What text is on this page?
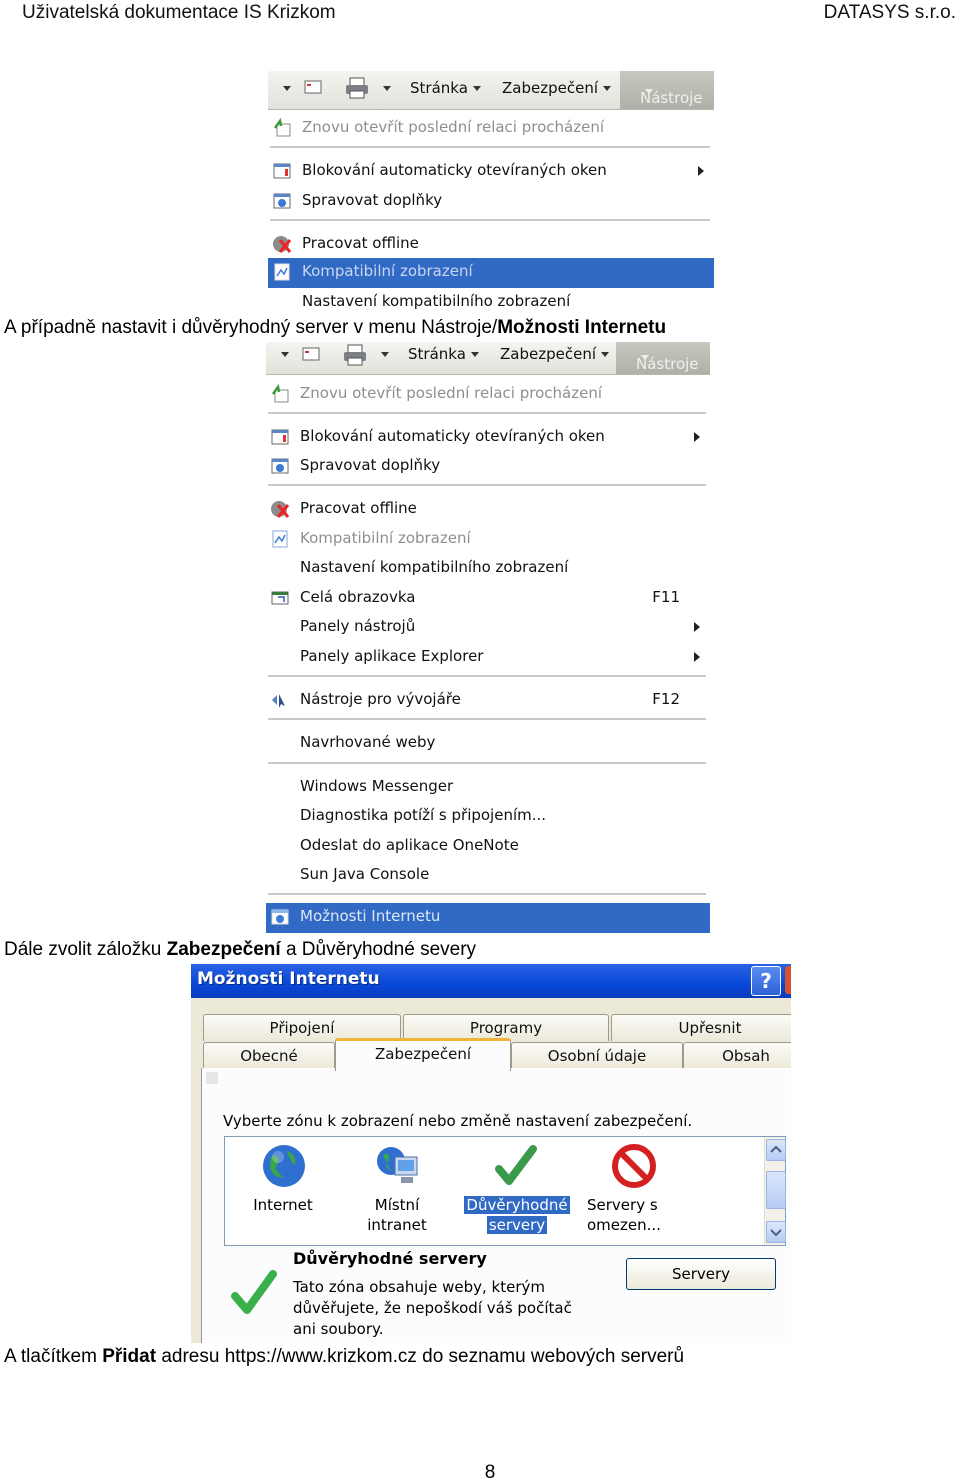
Uživatelská dokumentace IS Krizkom	DATASYS s.r.o.
Stránka	Zabezpečení
Nástroje
Znovu otevřít poslední relaci procházení
Blokování automaticky otevíraných oken
Spravovat doplňky
Pracovat offline
Kompatibilní zobrazení
Nastavení kompatibilního zobrazení
A případně nastavit i důvěryhodný server v menu Nástroje/Možnosti Internetu
Stránka	Zabezpečení
Nástroje
Znovu otevřít poslední relaci procházení
Blokování automaticky otevíraných oken
Spravovat doplňky
Pracovat offline
Kompatibilní zobrazení
Nastavení kompatibilního zobrazení
Celá obrazovka	F11
Panely nástrojů
Panely aplikace Explorer
Nástroje pro vývojáře	F12
Navrhované weby
Windows Messenger
Diagnostika potíží s připojením...
Odeslat do aplikace OneNote
Sun Java Console
Možnosti Internetu
Dále zvolit záložku Zabezpečení a Důvěryhodné severy
Možnosti Internetu	?
Připojení	Programy	Upřesnit
Obecné	Zabezpečení	Osobní údaje	Obsah
Vyberte zónu k zobrazení nebo změně nastavení zabezpečení.
Internet	Místní intranet
Důvěryhodné
servery
Servery s
omezen...
Důvěryhodné servery
Tato zóna obsahuje weby, kterým
důvěřujete, že nepoškodí váš počítač
ani soubory.
Servery
A tlačítkem Přidat adresu https://www.krizkom.cz do seznamu webových serverů
8
